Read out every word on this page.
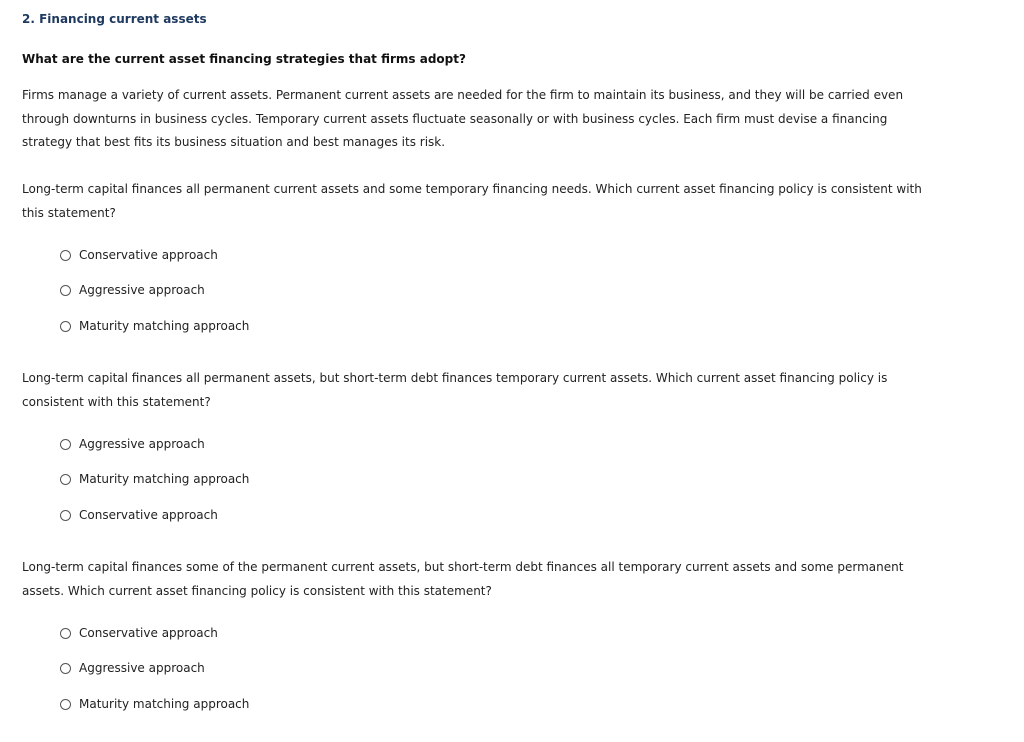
2. Financing current assets
What are the current asset financing strategies that firms adopt?
Firms manage a variety of current assets. Permanent current assets are needed for the firm to maintain its business, and they will be carried even through downturns in business cycles. Temporary current assets fluctuate seasonally or with business cycles. Each firm must devise a financing strategy that best fits its business situation and best manages its risk.
Long-term capital finances all permanent current assets and some temporary financing needs. Which current asset financing policy is consistent with this statement?
Conservative approach
Aggressive approach
Maturity matching approach
Long-term capital finances all permanent assets, but short-term debt finances temporary current assets. Which current asset financing policy is consistent with this statement?
Aggressive approach
Maturity matching approach
Conservative approach
Long-term capital finances some of the permanent current assets, but short-term debt finances all temporary current assets and some permanent assets. Which current asset financing policy is consistent with this statement?
Conservative approach
Aggressive approach
Maturity matching approach
